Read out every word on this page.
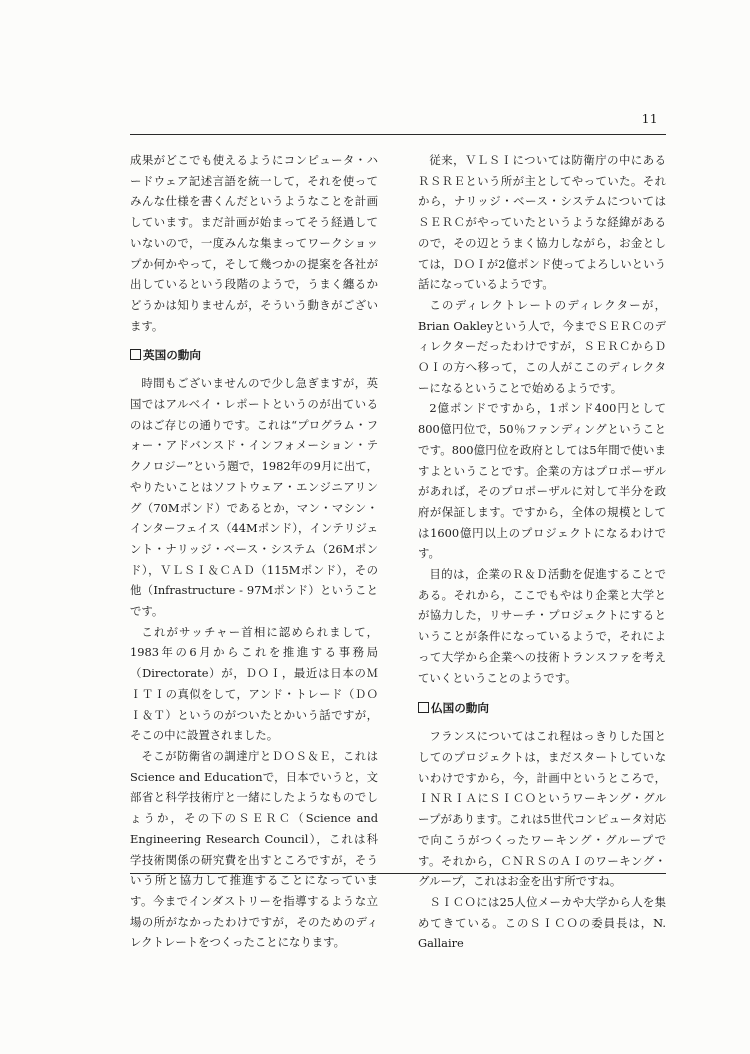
11

成果がどこでも使えるようにコンピュータ・ハードウェア記述言語を統一して，それを使ってみんな仕様を書くんだというようなことを計画しています。まだ計画が始まってそう経過していないので，一度みんな集まってワークショップか何かやって，そして幾つかの提案を各社が出しているという段階のようで，うまく纏るかどうかは知りませんが，そういう動きがございます。

英国の動向

時間もございませんので少し急ぎますが，英国ではアルベイ・レポートというのが出ているのはご存じの通りです。これは“プログラム・フォー・アドバンスド・インフォメーション・テクノロジー”という題で，1982年の9月に出て，やりたいことはソフトウェア・エンジニアリング（70Mポンド）であるとか，マン・マシン・インターフェイス（44Mポンド），インテリジェント・ナリッジ・ベース・システム（26Mポンド），ＶＬＳＩ＆ＣＡＤ（115Mポンド），その他（Infrastructure - 97Mポンド）ということです。

これがサッチャー首相に認められまして，1983年の6月からこれを推進する事務局（Directorate）が，ＤＯＩ，最近は日本のＭＩＴＩの真似をして，アンド・トレード（ＤＯＩ＆Ｔ）というのがついたとかいう話ですが，そこの中に設置されました。

そこが防衛省の調達庁とＤＯＳ＆Ｅ，これはScience and Educationで，日本でいうと，文部省と科学技術庁と一緒にしたようなものでしょうか，その下のＳＥＲＣ（Science and Engineering Research Council），これは科学技術関係の研究費を出すところですが，そういう所と協力して推進することになっています。今までインダストリーを指導するような立場の所がなかったわけですが，そのためのディレクトレートをつくったことになります。

従来，ＶＬＳＩについては防衛庁の中にあるＲＳＲＥという所が主としてやっていた。それから，ナリッジ・ベース・システムについてはＳＥＲＣがやっていたというような経緯があるので，その辺とうまく協力しながら，お金としては，ＤＯＩが2億ポンド使ってよろしいという話になっているようです。

このディレクトレートのディレクターが，Brian Oakleyという人で，今までＳＥＲＣのディレクターだったわけですが，ＳＥＲＣからＤＯＩの方へ移って，この人がここのディレクターになるということで始めるようです。

2億ポンドですから，1ポンド400円として800億円位で，50％ファンディングということです。800億円位を政府としては5年間で使いますよということです。企業の方はプロポーザルがあれば，そのプロポーザルに対して半分を政府が保証します。ですから，全体の規模としては1600億円以上のプロジェクトになるわけです。

目的は，企業のＲ＆Ｄ活動を促進することである。それから，ここでもやはり企業と大学とが協力した，リサーチ・プロジェクトにするということが条件になっているようで，それによって大学から企業への技術トランスファを考えていくということのようです。

仏国の動向

フランスについてはこれ程はっきりした国としてのプロジェクトは，まだスタートしていないわけですから，今，計画中というところで，ＩＮＲＩＡにＳＩＣＯというワーキング・グループがあります。これは5世代コンピュータ対応で向こうがつくったワーキング・グループです。それから，ＣＮＲＳのＡＩのワーキング・グループ，これはお金を出す所ですね。

ＳＩＣＯには25人位メーカや大学から人を集めてきている。このＳＩＣＯの委員長は，N. Gallaire
